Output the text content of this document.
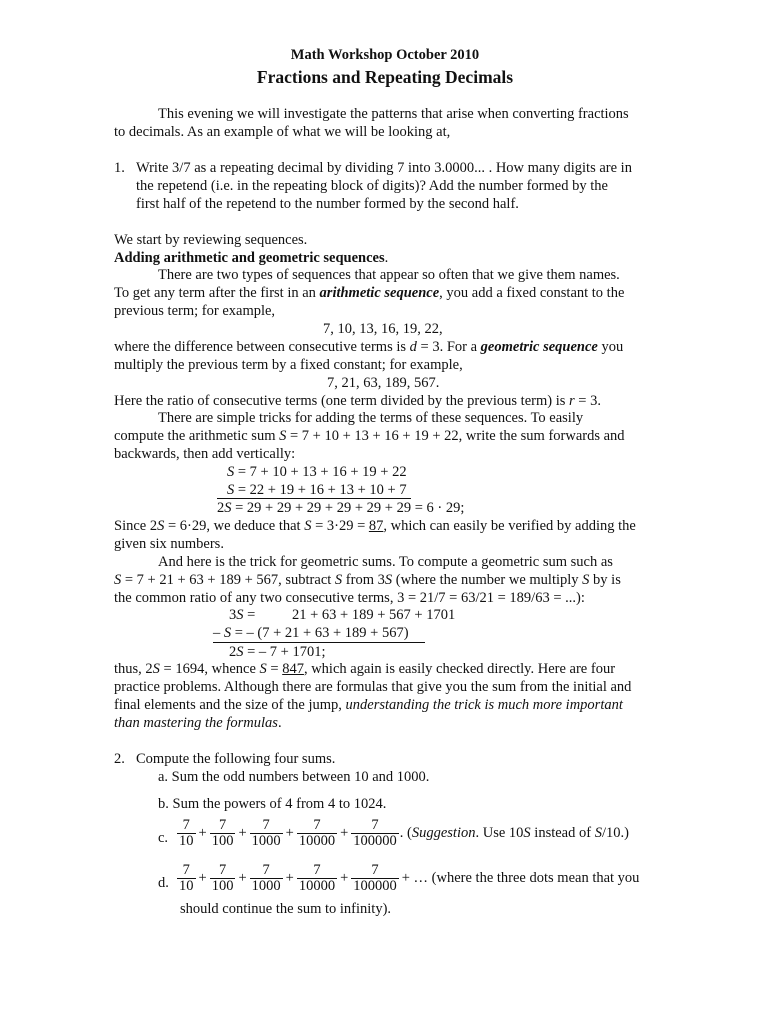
Math Workshop October 2010
Fractions and Repeating Decimals
This evening we will investigate the patterns that arise when converting fractions
to decimals. As an example of what we will be looking at,
1. Write 3/7 as a repeating decimal by dividing 7 into 3.0000... . How many digits are in
the repetend (i.e. in the repeating block of digits)? Add the number formed by the
first half of the repetend to the number formed by the second half.
We start by reviewing sequences.
Adding arithmetic and geometric sequences.
There are two types of sequences that appear so often that we give them names.
To get any term after the first in an arithmetic sequence, you add a fixed constant to the
previous term; for example,
7, 10, 13, 16, 19, 22,
where the difference between consecutive terms is d = 3. For a geometric sequence you
multiply the previous term by a fixed constant; for example,
7, 21, 63, 189, 567.
Here the ratio of consecutive terms (one term divided by the previous term) is r = 3.
There are simple tricks for adding the terms of these sequences. To easily
compute the arithmetic sum S = 7 + 10 + 13 + 16 + 19 + 22, write the sum forwards and
backwards, then add vertically:
S = 7 + 10 + 13 + 16 + 19 + 22
S = 22 + 19 + 16 + 13 + 10 + 7
2S = 29 + 29 + 29 + 29 + 29 + 29 = 6 · 29;
Since 2S = 6·29, we deduce that S = 3·29 = 87, which can easily be verified by adding the
given six numbers.
And here is the trick for geometric sums. To compute a geometric sum such as
S = 7 + 21 + 63 + 189 + 567, subtract S from 3S (where the number we multiply S by is
the common ratio of any two consecutive terms, 3 = 21/7 = 63/21 = 189/63 = ...):
3S =	21 + 63 + 189 + 567 + 1701
– S = – (7 + 21 + 63 + 189 + 567)
2S = – 7 + 1701;
thus, 2S = 1694, whence S = 847, which again is easily checked directly. Here are four
practice problems. Although there are formulas that give you the sum from the initial and
final elements and the size of the jump, understanding the trick is much more important
than mastering the formulas.
2. Compute the following four sums.
a. Sum the odd numbers between 10 and 1000.
b. Sum the powers of 4 from 4 to 1024.
c. $\frac{7}{10} + \frac{7}{100} + \frac{7}{1000} + \frac{7}{10000} + \frac{7}{100000}$ . (Suggestion. Use 10S instead of S/10.)
d. $\frac{7}{10} + \frac{7}{100} + \frac{7}{1000} + \frac{7}{10000} + \frac{7}{100000}$ + … (where the three dots mean that you
should continue the sum to infinity).
